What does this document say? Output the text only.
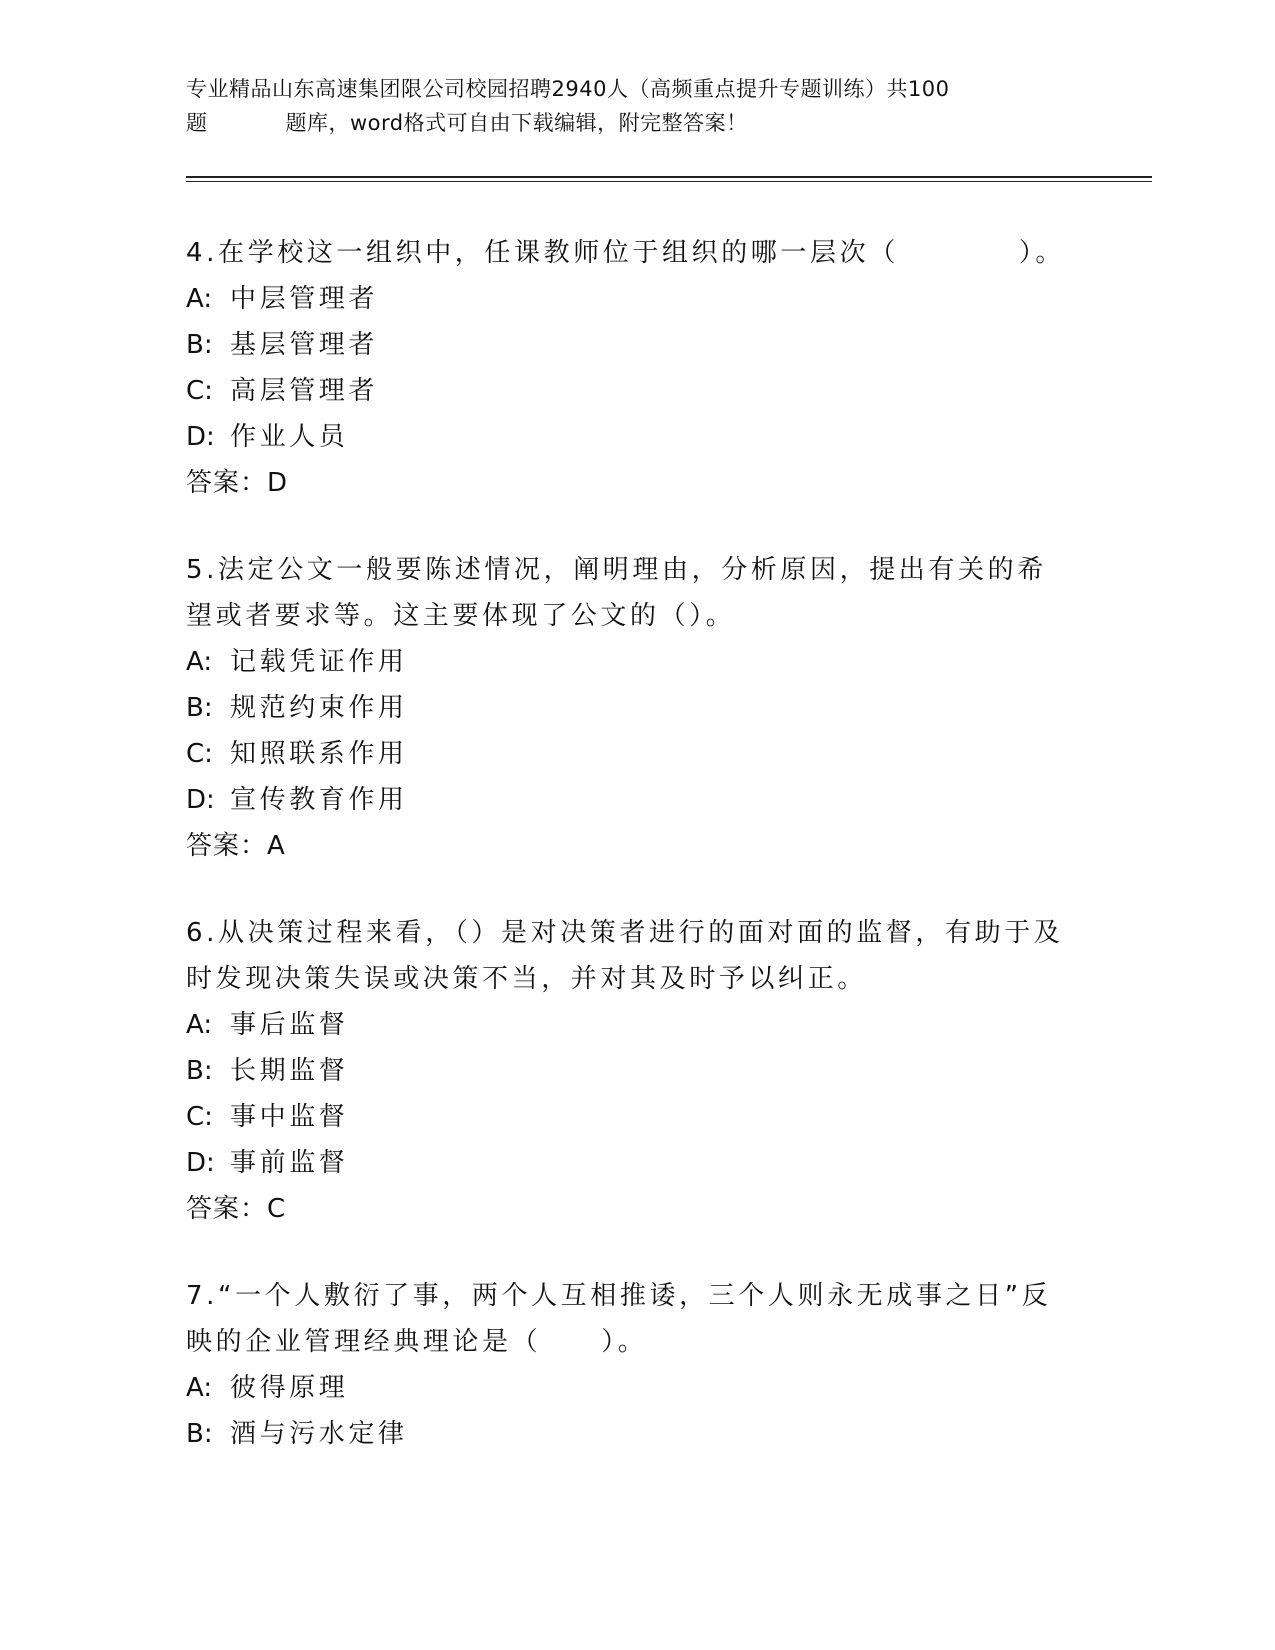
专业精品山东高速集团限公司校园招聘2940人（高频重点提升专题训练）共100
题	题库，word格式可自由下载编辑，附完整答案！

4.在学校这一组织中，任课教师位于组织的哪一层次（	）。

A: 中层管理者

B: 基层管理者

C: 高层管理者

D: 作业人员

答案：D

5.法定公文一般要陈述情况，阐明理由，分析原因，提出有关的希望或者要求等。这主要体现了公文的（）。

A: 记载凭证作用

B: 规范约束作用

C: 知照联系作用

D: 宣传教育作用

答案：A

6.从决策过程来看，（）是对决策者进行的面对面的监督，有助于及时发现决策失误或决策不当，并对其及时予以纠正。

A: 事后监督

B: 长期监督

C: 事中监督

D: 事前监督

答案：C

7.“一个人敷衍了事，两个人互相推诿，三个人则永无成事之日”反映的企业管理经典理论是（ ）。

A: 彼得原理

B: 酒与污水定律
